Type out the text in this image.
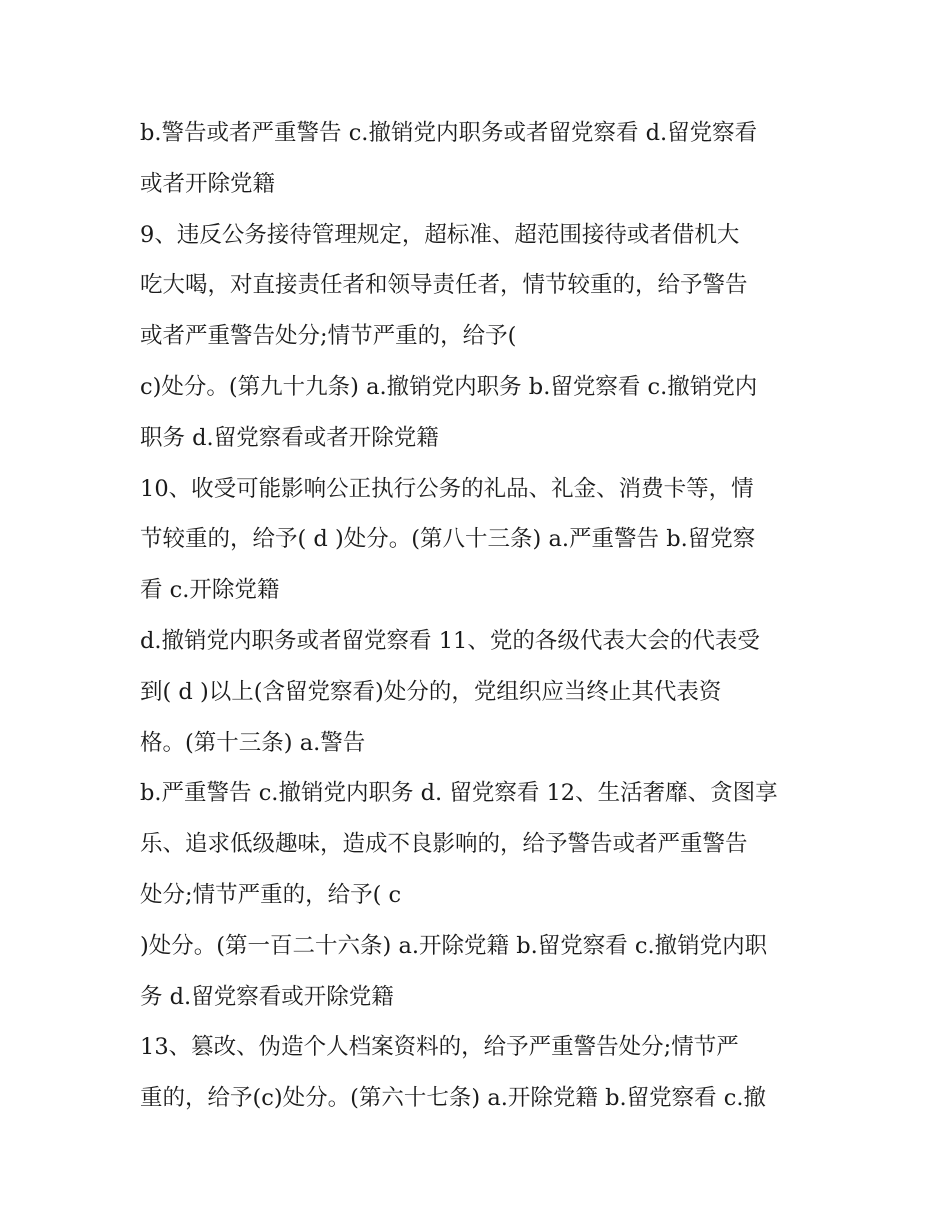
b.警告或者严重警告 c.撤销党内职务或者留党察看 d.留党察看
或者开除党籍
9、违反公务接待管理规定，超标准、超范围接待或者借机大
吃大喝，对直接责任者和领导责任者，情节较重的，给予警告
或者严重警告处分;情节严重的，给予(
c)处分。(第九十九条) a.撤销党内职务 b.留党察看 c.撤销党内
职务 d.留党察看或者开除党籍
10、收受可能影响公正执行公务的礼品、礼金、消费卡等，情
节较重的，给予( d )处分。(第八十三条) a.严重警告 b.留党察
看 c.开除党籍
d.撤销党内职务或者留党察看 11、党的各级代表大会的代表受
到( d )以上(含留党察看)处分的，党组织应当终止其代表资
格。(第十三条) a.警告
b.严重警告 c.撤销党内职务 d. 留党察看 12、生活奢靡、贪图享
乐、追求低级趣味，造成不良影响的，给予警告或者严重警告
处分;情节严重的，给予( c
)处分。(第一百二十六条) a.开除党籍 b.留党察看 c.撤销党内职
务 d.留党察看或开除党籍
13、篡改、伪造个人档案资料的，给予严重警告处分;情节严
重的，给予(c)处分。(第六十七条) a.开除党籍 b.留党察看 c.撤
